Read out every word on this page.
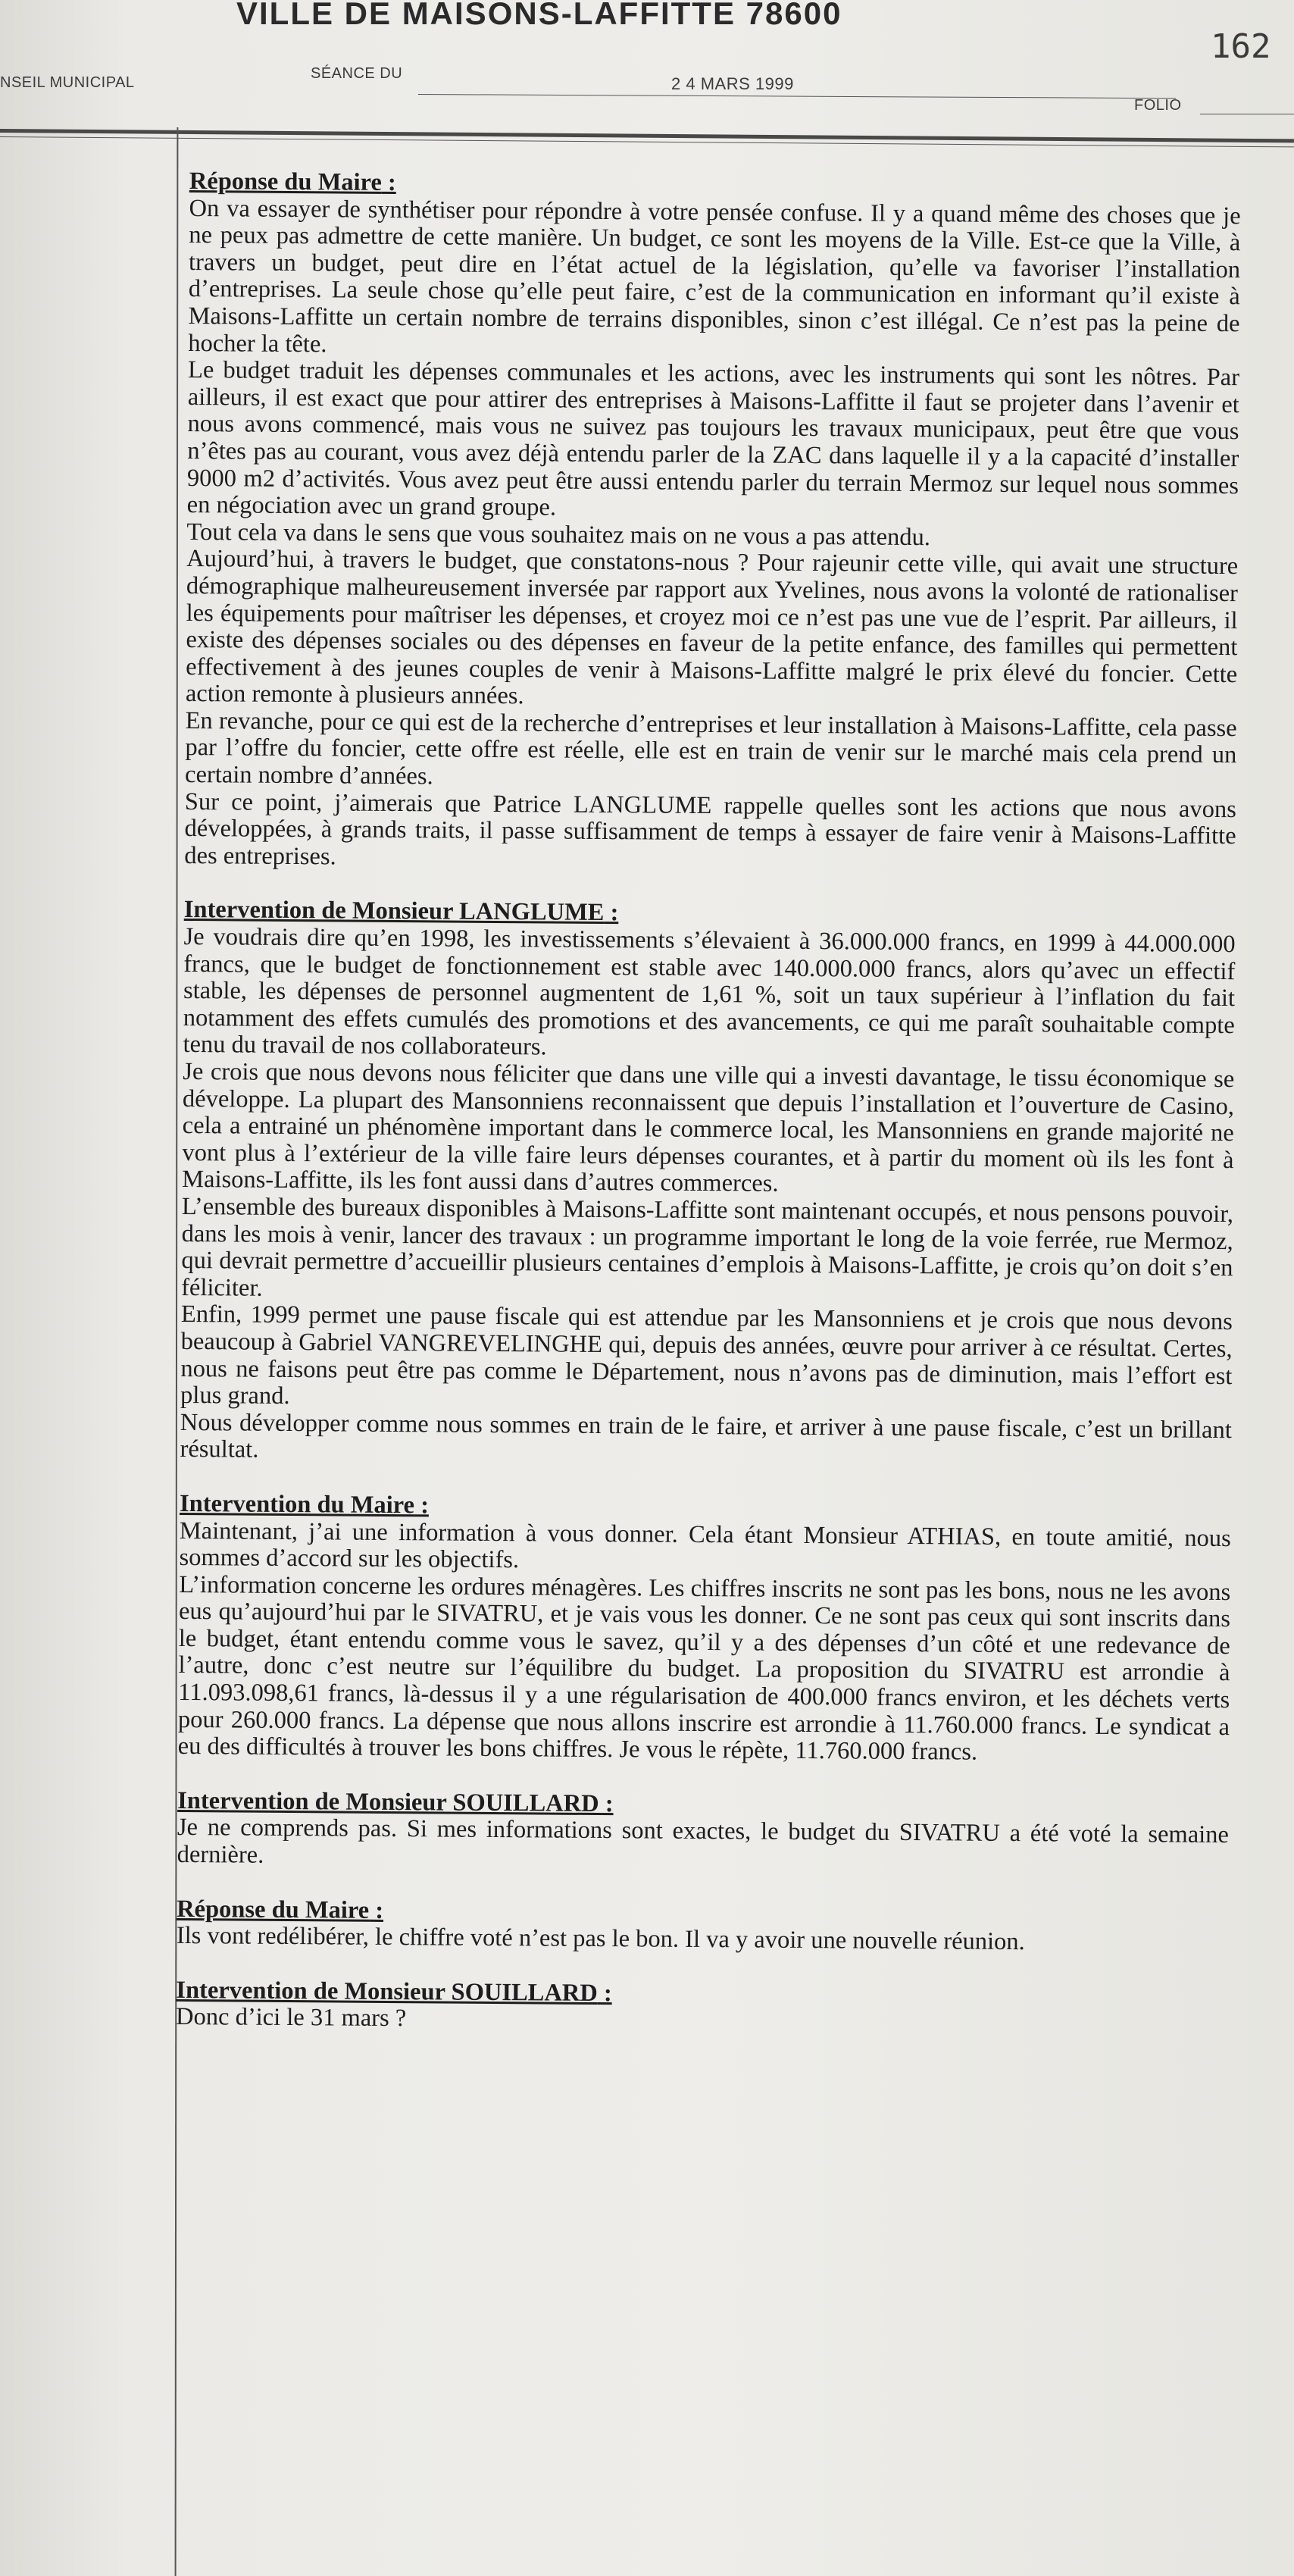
VILLE DE MAISONS-LAFFITTE 78600
162
NSEIL MUNICIPAL
SÉANCE DU
2 4 MARS 1999
FOLIO

Réponse du Maire :

On va essayer de synthétiser pour répondre à votre pensée confuse. Il y a quand même des choses que je ne peux pas admettre de cette manière. Un budget, ce sont les moyens de la Ville. Est-ce que la Ville, à travers un budget, peut dire en l’état actuel de la législation, qu’elle va favoriser l’installation d’entreprises. La seule chose qu’elle peut faire, c’est de la communication en informant qu’il existe à Maisons-Laffitte un certain nombre de terrains disponibles, sinon c’est illégal. Ce n’est pas la peine de hocher la tête.

Le budget traduit les dépenses communales et les actions, avec les instruments qui sont les nôtres. Par ailleurs, il est exact que pour attirer des entreprises à Maisons-Laffitte il faut se projeter dans l’avenir et nous avons commencé, mais vous ne suivez pas toujours les travaux municipaux, peut être que vous n’êtes pas au courant, vous avez déjà entendu parler de la ZAC dans laquelle il y a la capacité d’installer 9000 m2 d’activités. Vous avez peut être aussi entendu parler du terrain Mermoz sur lequel nous sommes en négociation avec un grand groupe.

Tout cela va dans le sens que vous souhaitez mais on ne vous a pas attendu.

Aujourd’hui, à travers le budget, que constatons-nous ? Pour rajeunir cette ville, qui avait une structure démographique malheureusement inversée par rapport aux Yvelines, nous avons la volonté de rationaliser les équipements pour maîtriser les dépenses, et croyez moi ce n’est pas une vue de l’esprit. Par ailleurs, il existe des dépenses sociales ou des dépenses en faveur de la petite enfance, des familles qui permettent effectivement à des jeunes couples de venir à Maisons-Laffitte malgré le prix élevé du foncier. Cette action remonte à plusieurs années.

En revanche, pour ce qui est de la recherche d’entreprises et leur installation à Maisons-Laffitte, cela passe par l’offre du foncier, cette offre est réelle, elle est en train de venir sur le marché mais cela prend un certain nombre d’années.

Sur ce point, j’aimerais que Patrice LANGLUME rappelle quelles sont les actions que nous avons développées, à grands traits, il passe suffisamment de temps à essayer de faire venir à Maisons-Laffitte des entreprises.

Intervention de Monsieur LANGLUME :

Je voudrais dire qu’en 1998, les investissements s’élevaient à 36.000.000 francs, en 1999 à 44.000.000 francs, que le budget de fonctionnement est stable avec 140.000.000 francs, alors qu’avec un effectif stable, les dépenses de personnel augmentent de 1,61 %, soit un taux supérieur à l’inflation du fait notamment des effets cumulés des promotions et des avancements, ce qui me paraît souhaitable compte tenu du travail de nos collaborateurs.

Je crois que nous devons nous féliciter que dans une ville qui a investi davantage, le tissu économique se développe. La plupart des Mansonniens reconnaissent que depuis l’installation et l’ouverture de Casino, cela a entrainé un phénomène important dans le commerce local, les Mansonniens en grande majorité ne vont plus à l’extérieur de la ville faire leurs dépenses courantes, et à partir du moment où ils les font à Maisons-Laffitte, ils les font aussi dans d’autres commerces.

L’ensemble des bureaux disponibles à Maisons-Laffitte sont maintenant occupés, et nous pensons pouvoir, dans les mois à venir, lancer des travaux : un programme important le long de la voie ferrée, rue Mermoz, qui devrait permettre d’accueillir plusieurs centaines d’emplois à Maisons-Laffitte, je crois qu’on doit s’en féliciter.

Enfin, 1999 permet une pause fiscale qui est attendue par les Mansonniens et je crois que nous devons beaucoup à Gabriel VANGREVELINGHE qui, depuis des années, œuvre pour arriver à ce résultat. Certes, nous ne faisons peut être pas comme le Département, nous n’avons pas de diminution, mais l’effort est plus grand.

Nous développer comme nous sommes en train de le faire, et arriver à une pause fiscale, c’est un brillant résultat.

Intervention du Maire :

Maintenant, j’ai une information à vous donner. Cela étant Monsieur ATHIAS, en toute amitié, nous sommes d’accord sur les objectifs.

L’information concerne les ordures ménagères. Les chiffres inscrits ne sont pas les bons, nous ne les avons eus qu’aujourd’hui par le SIVATRU, et je vais vous les donner. Ce ne sont pas ceux qui sont inscrits dans le budget, étant entendu comme vous le savez, qu’il y a des dépenses d’un côté et une redevance de l’autre, donc c’est neutre sur l’équilibre du budget. La proposition du SIVATRU est arrondie à 11.093.098,61 francs, là-dessus il y a une régularisation de 400.000 francs environ, et les déchets verts pour 260.000 francs. La dépense que nous allons inscrire est arrondie à 11.760.000 francs. Le syndicat a eu des difficultés à trouver les bons chiffres. Je vous le répète, 11.760.000 francs.

Intervention de Monsieur SOUILLARD :

Je ne comprends pas. Si mes informations sont exactes, le budget du SIVATRU a été voté la semaine dernière.

Réponse du Maire :

Ils vont redélibérer, le chiffre voté n’est pas le bon. Il va y avoir une nouvelle réunion.

Intervention de Monsieur SOUILLARD :

Donc d’ici le 31 mars ?
